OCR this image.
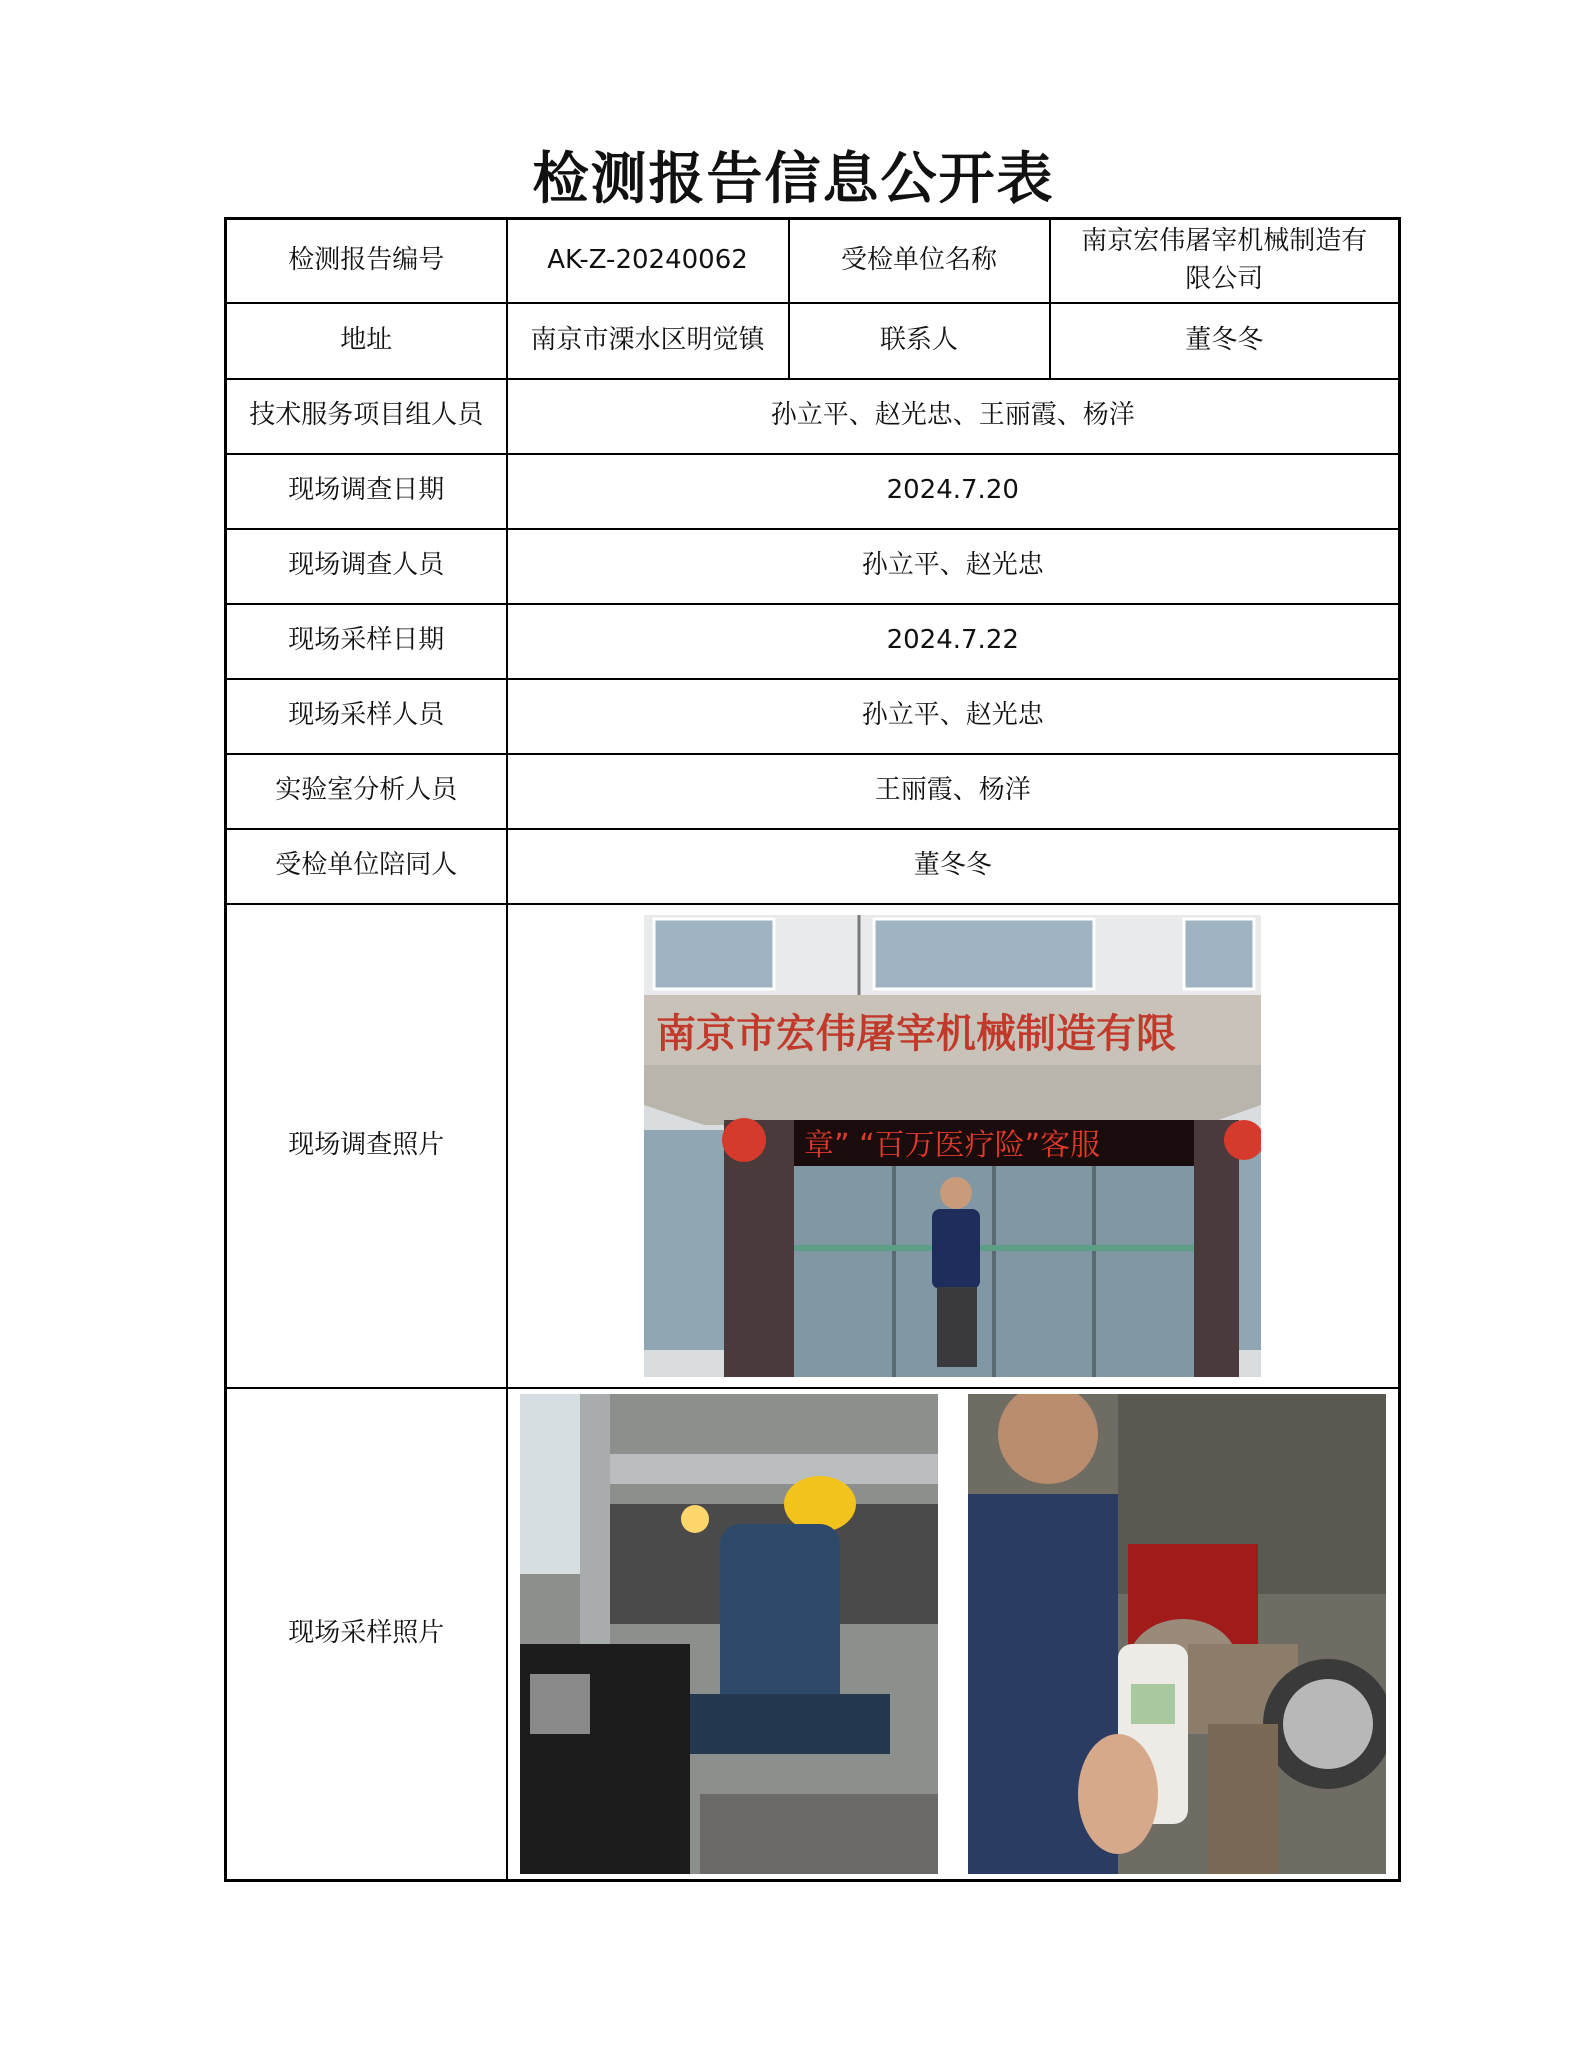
检测报告信息公开表
检测报告编号	AK-Z-20240062	受检单位名称	南京宏伟屠宰机械制造有限公司
地址	南京市溧水区明觉镇	联系人	董冬冬
技术服务项目组人员	孙立平、赵光忠、王丽霞、杨洋		
现场调查日期	2024.7.20		
现场调查人员	孙立平、赵光忠		
现场采样日期	2024.7.22		
现场采样人员	孙立平、赵光忠		
实验室分析人员	王丽霞、杨洋		
受检单位陪同人	董冬冬		
现场调查照片	南京市宏伟屠宰机械制造有限
章” “百万医疗险”客服		

现场采样照片	
